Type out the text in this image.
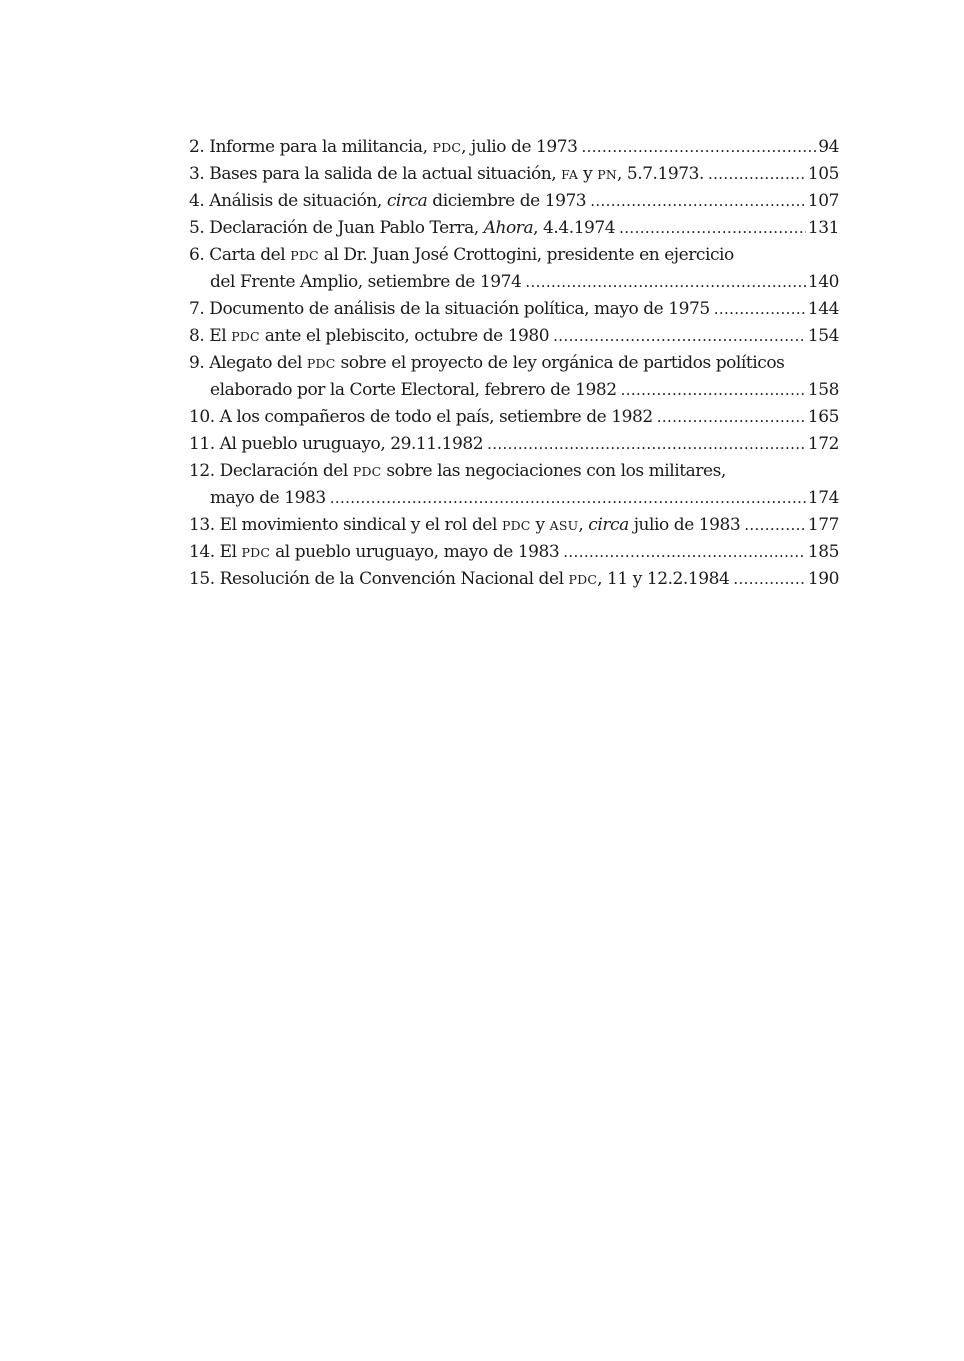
2. Informe para la militancia, PDC, julio de 1973 . . .	94
3. Bases para la salida de la actual situación, FA y PN, 5.7.1973. . . .	105
4. Análisis de situación, circa diciembre de 1973 . . .	107
5. Declaración de Juan Pablo Terra, Ahora, 4.4.1974 . . .	131
6. Carta del PDC al Dr. Juan José Crottogini, presidente en ejercicio
del Frente Amplio, setiembre de 1974 . . .	140
7. Documento de análisis de la situación política, mayo de 1975 . . .	144
8. El PDC ante el plebiscito, octubre de 1980 . . .	154
9. Alegato del PDC sobre el proyecto de ley orgánica de partidos políticos
elaborado por la Corte Electoral, febrero de 1982 . . .	158
10. A los compañeros de todo el país, setiembre de 1982 . . .	165
11. Al pueblo uruguayo, 29.11.1982 . . .	172
12. Declaración del PDC sobre las negociaciones con los militares,
mayo de 1983 . . .	174
13. El movimiento sindical y el rol del PDC y ASU, circa julio de 1983 . . .	177
14. El PDC al pueblo uruguayo, mayo de 1983 . . .	185
15. Resolución de la Convención Nacional del PDC, 11 y 12.2.1984 . . .	190
